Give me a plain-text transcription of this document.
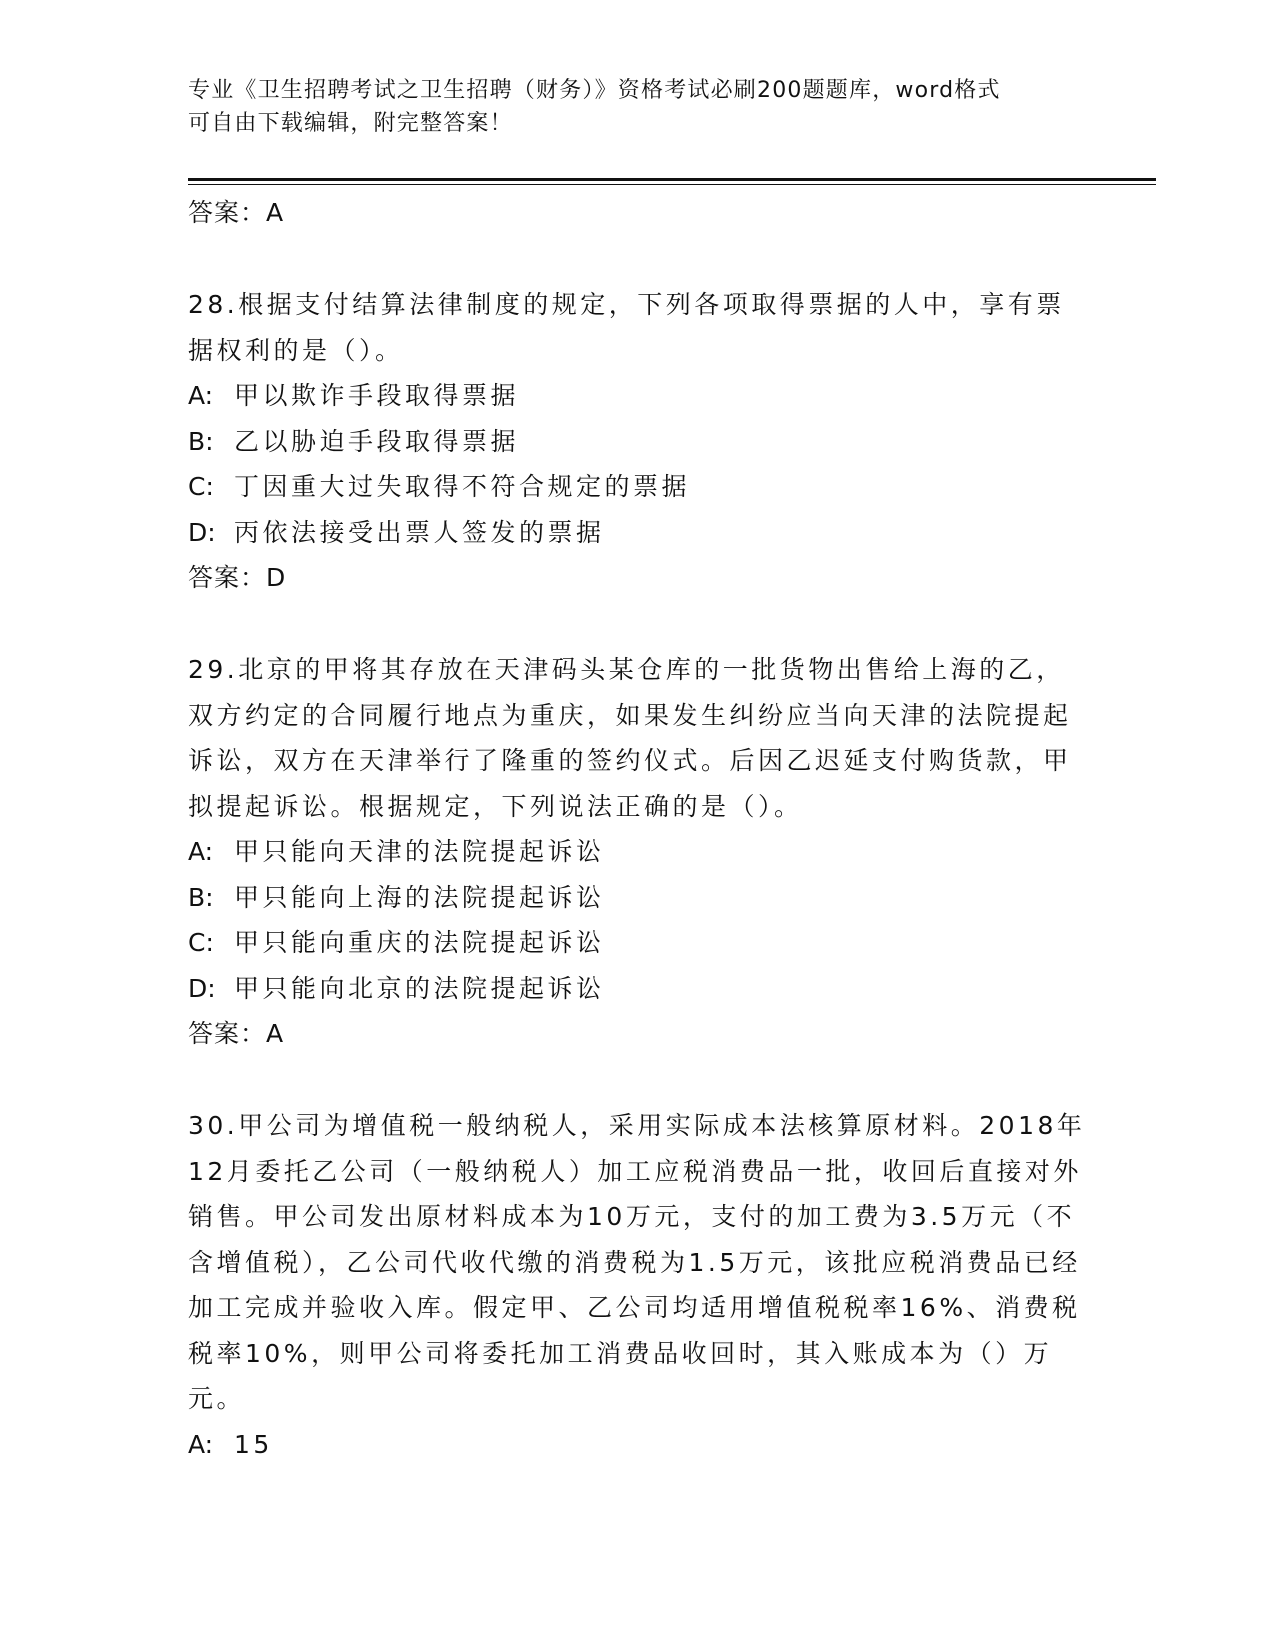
专业《卫生招聘考试之卫生招聘（财务）》资格考试必刷200题题库，word格式
可自由下载编辑，附完整答案！
答案：A
28.根据支付结算法律制度的规定，下列各项取得票据的人中，享有票据权利的是（）。
A: 甲以欺诈手段取得票据
B: 乙以胁迫手段取得票据
C: 丁因重大过失取得不符合规定的票据
D: 丙依法接受出票人签发的票据
答案：D
29.北京的甲将其存放在天津码头某仓库的一批货物出售给上海的乙，双方约定的合同履行地点为重庆，如果发生纠纷应当向天津的法院提起诉讼，双方在天津举行了隆重的签约仪式。后因乙迟延支付购货款，甲拟提起诉讼。根据规定，下列说法正确的是（）。
A: 甲只能向天津的法院提起诉讼
B: 甲只能向上海的法院提起诉讼
C: 甲只能向重庆的法院提起诉讼
D: 甲只能向北京的法院提起诉讼
答案：A
30.甲公司为增值税一般纳税人，采用实际成本法核算原材料。2018年12月委托乙公司（一般纳税人）加工应税消费品一批，收回后直接对外销售。甲公司发出原材料成本为10万元，支付的加工费为3.5万元（不含增值税），乙公司代收代缴的消费税为1.5万元，该批应税消费品已经加工完成并验收入库。假定甲、乙公司均适用增值税税率16%、消费税税率10%，则甲公司将委托加工消费品收回时，其入账成本为（）万元。
A: 15
